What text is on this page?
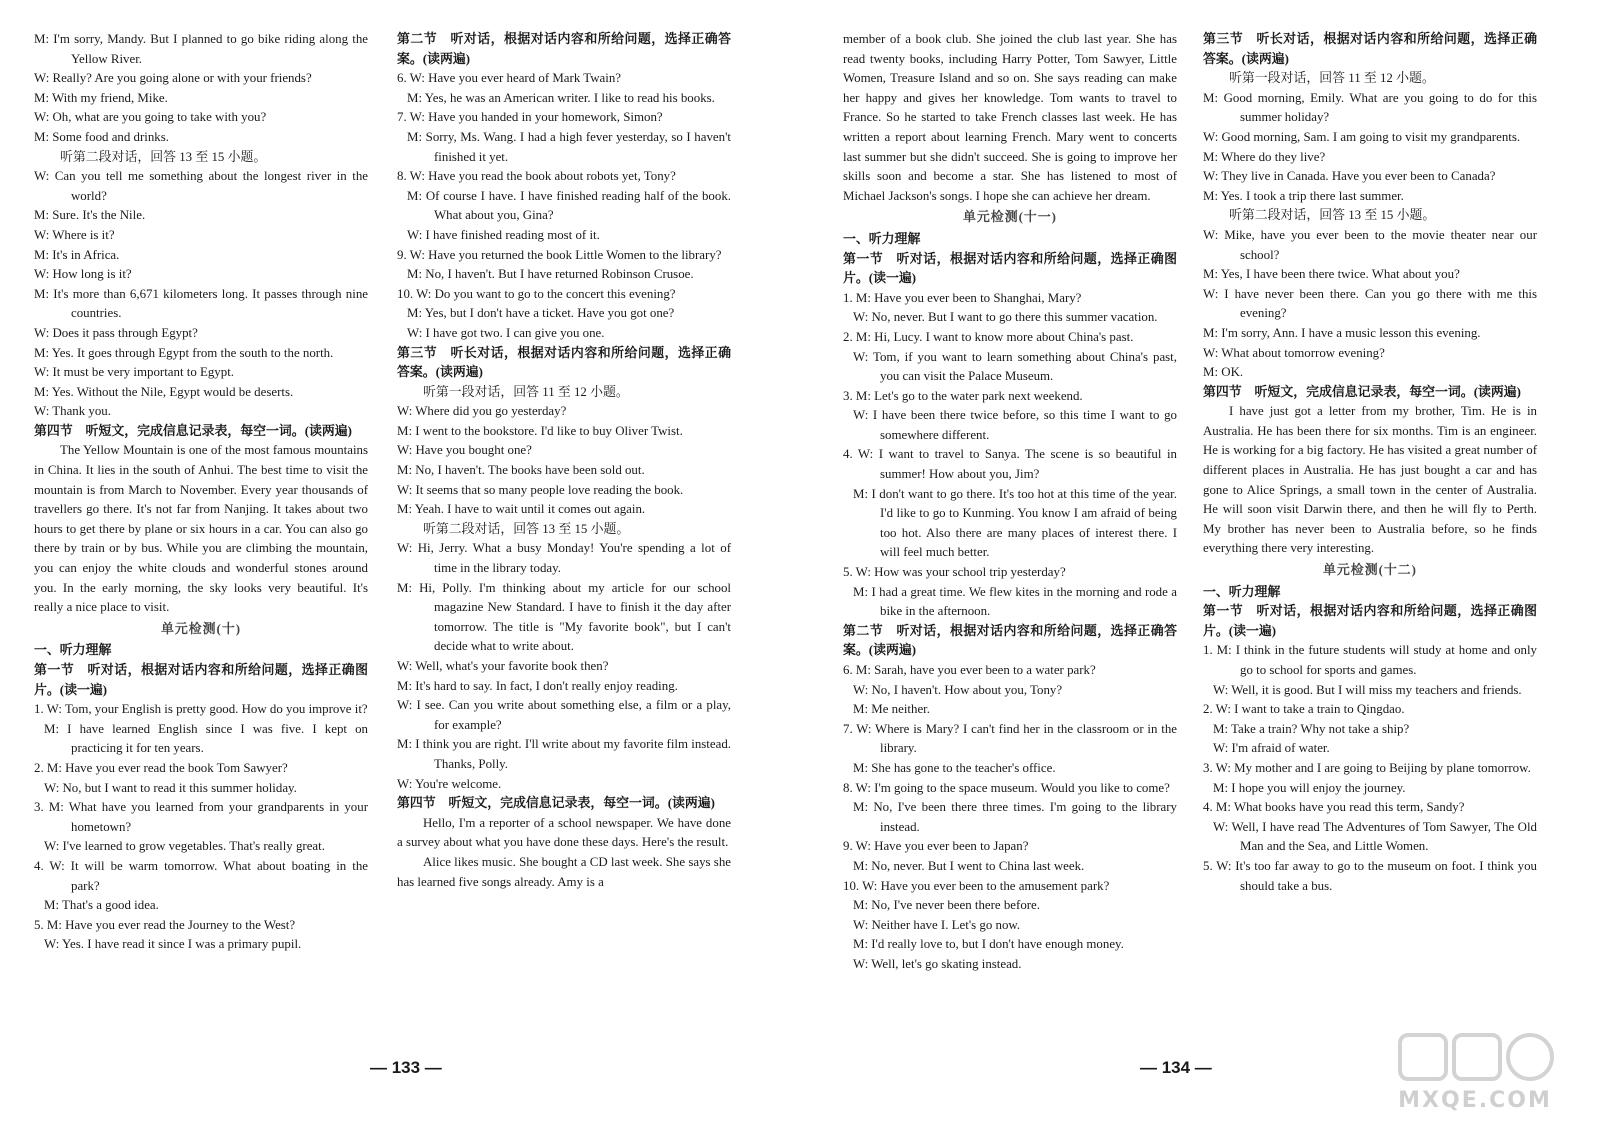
M: I'm sorry, Mandy. But I planned to go bike riding along the Yellow River.

W: Really? Are you going alone or with your friends?

M: With my friend, Mike.

W: Oh, what are you going to take with you?

M: Some food and drinks.

听第二段对话，回答 13 至 15 小题。

W: Can you tell me something about the longest river in the world?

M: Sure. It's the Nile.

W: Where is it?

M: It's in Africa.

W: How long is it?

M: It's more than 6,671 kilometers long. It passes through nine countries.

W: Does it pass through Egypt?

M: Yes. It goes through Egypt from the south to the north.

W: It must be very important to Egypt.

M: Yes. Without the Nile, Egypt would be deserts.

W: Thank you.

第四节　听短文，完成信息记录表，每空一词。(读两遍)

The Yellow Mountain is one of the most famous mountains in China. It lies in the south of Anhui. The best time to visit the mountain is from March to November. Every year thousands of travellers go there. It's not far from Nanjing. It takes about two hours to get there by plane or six hours in a car. You can also go there by train or by bus. While you are climbing the mountain, you can enjoy the white clouds and wonderful stones around you. In the early morning, the sky looks very beautiful. It's really a nice place to visit.

单元检测(十)

一、听力理解

第一节　听对话，根据对话内容和所给问题，选择正确图片。(读一遍)

1. W: Tom, your English is pretty good. How do you improve it?

M: I have learned English since I was five. I kept on practicing it for ten years.

2. M: Have you ever read the book Tom Sawyer?

W: No, but I want to read it this summer holiday.

3. M: What have you learned from your grandparents in your hometown?

W: I've learned to grow vegetables. That's really great.

4. W: It will be warm tomorrow. What about boating in the park?

M: That's a good idea.

5. M: Have you ever read the Journey to the West?

W: Yes. I have read it since I was a primary pupil.

第二节　听对话，根据对话内容和所给问题，选择正确答案。(读两遍)

6. W: Have you ever heard of Mark Twain?

M: Yes, he was an American writer. I like to read his books.

7. W: Have you handed in your homework, Simon?

M: Sorry, Ms. Wang. I had a high fever yesterday, so I haven't finished it yet.

8. W: Have you read the book about robots yet, Tony?

M: Of course I have. I have finished reading half of the book. What about you, Gina?

W: I have finished reading most of it.

9. W: Have you returned the book Little Women to the library?

M: No, I haven't. But I have returned Robinson Crusoe.

10. W: Do you want to go to the concert this evening?

M: Yes, but I don't have a ticket. Have you got one?

W: I have got two. I can give you one.

第三节　听长对话，根据对话内容和所给问题，选择正确答案。(读两遍)

听第一段对话，回答 11 至 12 小题。

W: Where did you go yesterday?

M: I went to the bookstore. I'd like to buy Oliver Twist.

W: Have you bought one?

M: No, I haven't. The books have been sold out.

W: It seems that so many people love reading the book.

M: Yeah. I have to wait until it comes out again.

听第二段对话，回答 13 至 15 小题。

W: Hi, Jerry. What a busy Monday! You're spending a lot of time in the library today.

M: Hi, Polly. I'm thinking about my article for our school magazine New Standard. I have to finish it the day after tomorrow. The title is "My favorite book", but I can't decide what to write about.

W: Well, what's your favorite book then?

M: It's hard to say. In fact, I don't really enjoy reading.

W: I see. Can you write about something else, a film or a play, for example?

M: I think you are right. I'll write about my favorite film instead. Thanks, Polly.

W: You're welcome.

第四节　听短文，完成信息记录表，每空一词。(读两遍)

Hello, I'm a reporter of a school newspaper. We have done a survey about what you have done these days. Here's the result.

Alice likes music. She bought a CD last week. She says she has learned five songs already. Amy is a

member of a book club. She joined the club last year. She has read twenty books, including Harry Potter, Tom Sawyer, Little Women, Treasure Island and so on. She says reading can make her happy and gives her knowledge. Tom wants to travel to France. So he started to take French classes last week. He has written a report about learning French. Mary went to concerts last summer but she didn't succeed. She is going to improve her skills soon and become a star. She has listened to most of Michael Jackson's songs. I hope she can achieve her dream.

单元检测(十一)

一、听力理解

第一节　听对话，根据对话内容和所给问题，选择正确图片。(读一遍)

1. M: Have you ever been to Shanghai, Mary?

W: No, never. But I want to go there this summer vacation.

2. M: Hi, Lucy. I want to know more about China's past.

W: Tom, if you want to learn something about China's past, you can visit the Palace Museum.

3. M: Let's go to the water park next weekend.

W: I have been there twice before, so this time I want to go somewhere different.

4. W: I want to travel to Sanya. The scene is so beautiful in summer! How about you, Jim?

M: I don't want to go there. It's too hot at this time of the year. I'd like to go to Kunming. You know I am afraid of being too hot. Also there are many places of interest there. I will feel much better.

5. W: How was your school trip yesterday?

M: I had a great time. We flew kites in the morning and rode a bike in the afternoon.

第二节　听对话，根据对话内容和所给问题，选择正确答案。(读两遍)

6. M: Sarah, have you ever been to a water park?

W: No, I haven't. How about you, Tony?

M: Me neither.

7. W: Where is Mary? I can't find her in the classroom or in the library.

M: She has gone to the teacher's office.

8. W: I'm going to the space museum. Would you like to come?

M: No, I've been there three times. I'm going to the library instead.

9. W: Have you ever been to Japan?

M: No, never. But I went to China last week.

10. W: Have you ever been to the amusement park?

M: No, I've never been there before.

W: Neither have I. Let's go now.

M: I'd really love to, but I don't have enough money.

W: Well, let's go skating instead.

第三节　听长对话，根据对话内容和所给问题，选择正确答案。(读两遍)

听第一段对话，回答 11 至 12 小题。

M: Good morning, Emily. What are you going to do for this summer holiday?

W: Good morning, Sam. I am going to visit my grandparents.

M: Where do they live?

W: They live in Canada. Have you ever been to Canada?

M: Yes. I took a trip there last summer.

听第二段对话，回答 13 至 15 小题。

W: Mike, have you ever been to the movie theater near our school?

M: Yes, I have been there twice. What about you?

W: I have never been there. Can you go there with me this evening?

M: I'm sorry, Ann. I have a music lesson this evening.

W: What about tomorrow evening?

M: OK.

第四节　听短文，完成信息记录表，每空一词。(读两遍)

I have just got a letter from my brother, Tim. He is in Australia. He has been there for six months. Tim is an engineer. He is working for a big factory. He has visited a great number of different places in Australia. He has just bought a car and has gone to Alice Springs, a small town in the center of Australia. He will soon visit Darwin there, and then he will fly to Perth. My brother has never been to Australia before, so he finds everything there very interesting.

单元检测(十二)

一、听力理解

第一节　听对话，根据对话内容和所给问题，选择正确图片。(读一遍)

1. M: I think in the future students will study at home and only go to school for sports and games.

W: Well, it is good. But I will miss my teachers and friends.

2. W: I want to take a train to Qingdao.

M: Take a train? Why not take a ship?

W: I'm afraid of water.

3. W: My mother and I are going to Beijing by plane tomorrow.

M: I hope you will enjoy the journey.

4. M: What books have you read this term, Sandy?

W: Well, I have read The Adventures of Tom Sawyer, The Old Man and the Sea, and Little Women.

5. W: It's too far away to go to the museum on foot. I think you should take a bus.

— 133 —	— 134 —
MXQE.COM
